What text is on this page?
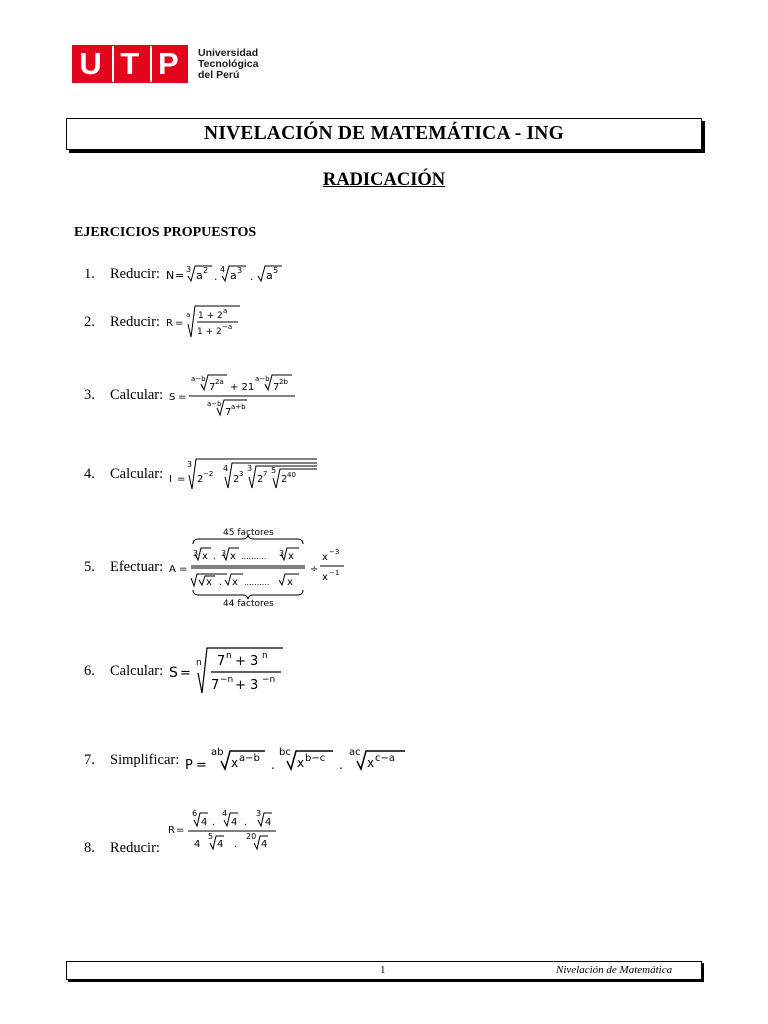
U T P	Universidad
Tecnológica
del Perú
NIVELACIÓN DE MATEMÁTICA - ING
RADICACIÓN
EJERCICIOS PROPUESTOS
1.	Reducir: N = 3 a 2 .
4 a 3 . a 5
2.	Reducir: R =
a 1 + 2 a
1 + 2 −a
3.	Calcular: S =
a−b
7 2a + 21
a−b
7 2b
a−b
7 a+b
4.	Calcular: I =
3
2 −2
4
2 3
3
2 7 5
2 40
5.	Efectuar: A =
45 factores
3 x . 3 x .......... 3 x
x . x .......... x
44 factores
÷
x −3
x −1
6.	Calcular: S =
n 7 n + 3 n
7 −n + 3 −n
7.	Simplificar: P =
ab
x a−b .
bc
x b−c .
ac
x c−a
R =
6
4 .
4
4 .
3
4
4
5
4 .
20
4
8.	Reducir:
1	Nivelación de Matemática
